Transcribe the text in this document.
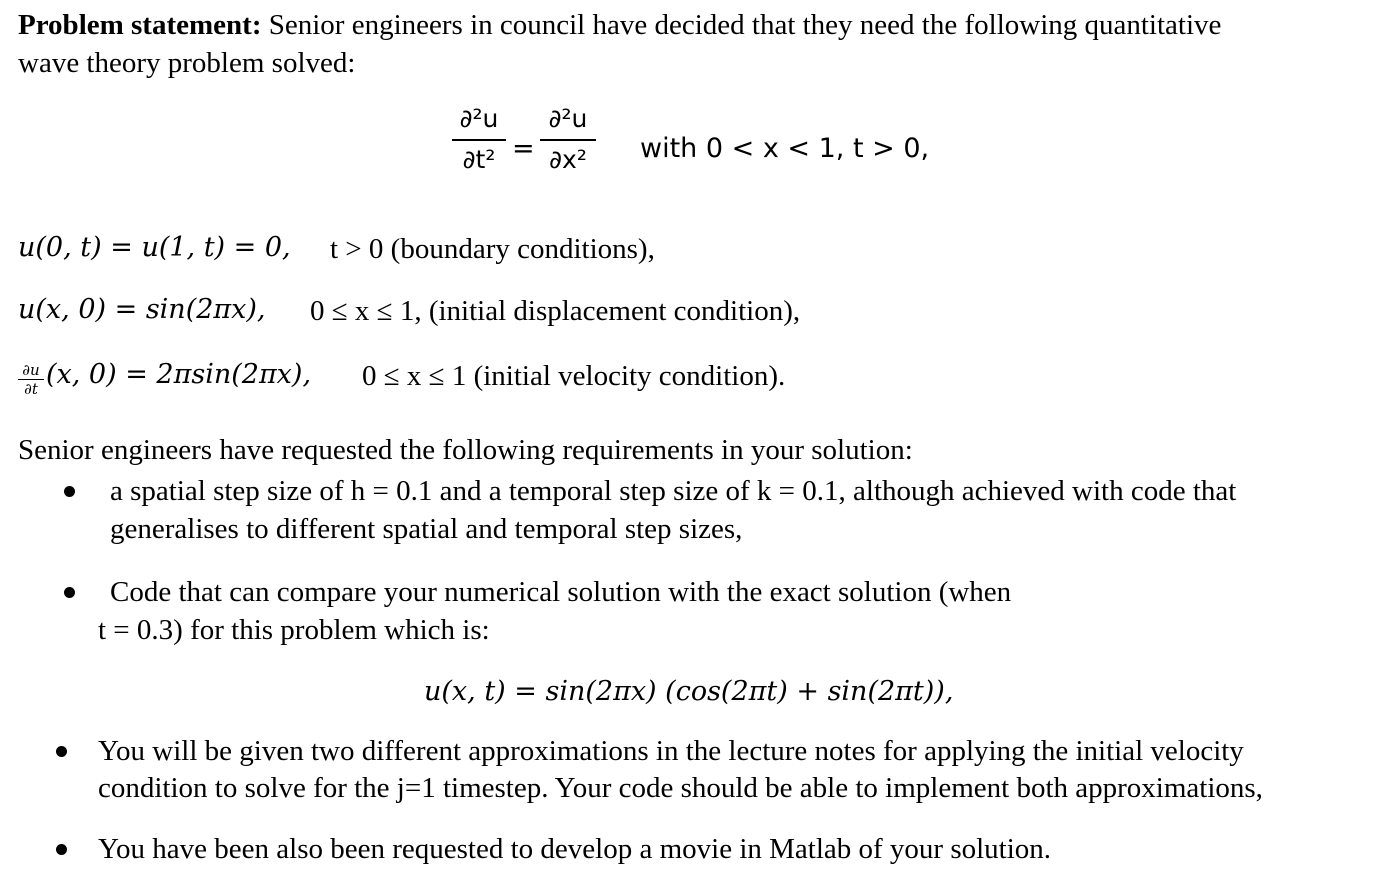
Problem statement: Senior engineers in council have decided that they need the following quantitative
wave theory problem solved:
∂²u
∂t² =
∂²u
∂x²	with 0 < x < 1, t > 0,
u(0, t) = u(1, t) = 0, t > 0 (boundary conditions),
u(x, 0) = sin(2πx), 0 ≤ x ≤ 1, (initial displacement condition),
∂u
∂t (x, 0) = 2πsin(2πx), 0 ≤ x ≤ 1 (initial velocity condition).
Senior engineers have requested the following requirements in your solution:
a spatial step size of h = 0.1 and a temporal step size of k = 0.1, although achieved with code that
generalises to different spatial and temporal step sizes,
Code that can compare your numerical solution with the exact solution (when
t = 0.3) for this problem which is:
u(x, t) = sin(2πx) (cos(2πt) + sin(2πt)),
You will be given two different approximations in the lecture notes for applying the initial velocity
condition to solve for the j=1 timestep. Your code should be able to implement both approximations,
You have been also been requested to develop a movie in Matlab of your solution.
